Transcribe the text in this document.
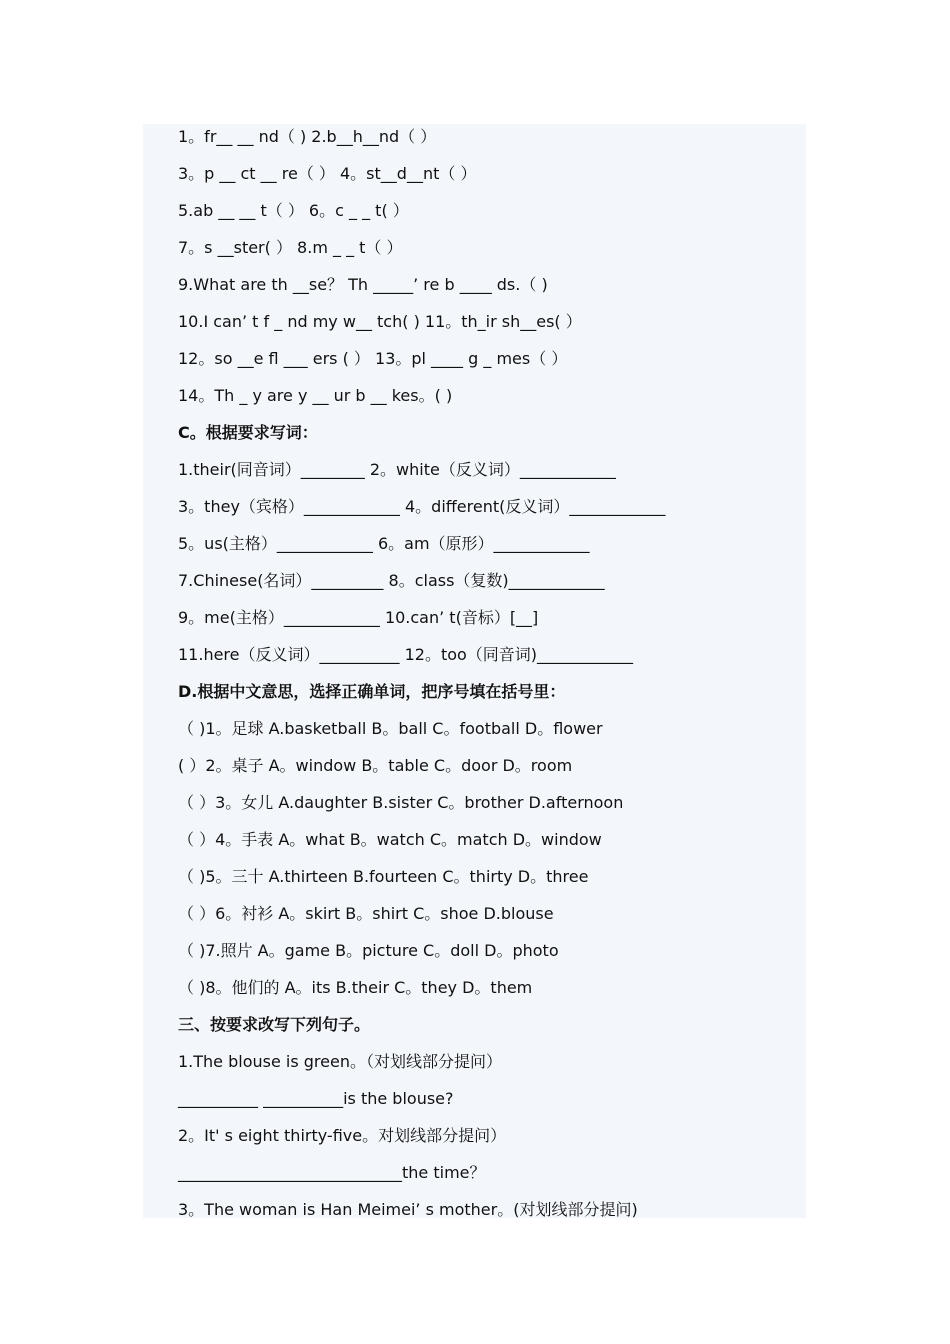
1。fr__ __ nd（ ) 2.b__h__nd（ ）
3。p __ ct __ re（ ） 4。st__d__nt（ ）
5.ab __ __ t（ ） 6。c _ _ t( ）
7。s __ster( ） 8.m _ _ t（ ）
9.What are th __se？ Th _____’ re b ____ ds.（ )
10.I can’ t f _ nd my w__ tch( ) 11。th_ir sh__es( ）
12。so __e fl ___ ers ( ） 13。pl ____ g _ mes（ ）
14。Th _ y are y __ ur b __ kes。( )
C。根据要求写词：
1.their(同音词）________ 2。white（反义词）____________
3。they（宾格）____________ 4。different(反义词）____________
5。us(主格）____________ 6。am（原形）____________
7.Chinese(名词）_________ 8。class（复数)____________
9。me(主格）____________ 10.can’ t(音标）[__]
11.here（反义词）__________ 12。too（同音词)____________
D.根据中文意思，选择正确单词，把序号填在括号里：
（ )1。足球 A.basketball B。ball C。football D。flower
( ）2。桌子 A。window B。table C。door D。room
（ ）3。女儿 A.daughter B.sister C。brother D.afternoon
（ ）4。手表 A。what B。watch C。match D。window
（ )5。三十 A.thirteen B.fourteen C。thirty D。three
（ ）6。衬衫 A。skirt B。shirt C。shoe D.blouse
（ )7.照片 A。game B。picture C。doll D。photo
（ )8。他们的 A。its B.their C。they D。them
三、按要求改写下列句子。
1.The blouse is green。（对划线部分提问）
__________ __________is the blouse?
2。It' s eight thirty-five。对划线部分提问）
____________________________the time？
3。The woman is Han Meimei’ s mother。(对划线部分提问)
